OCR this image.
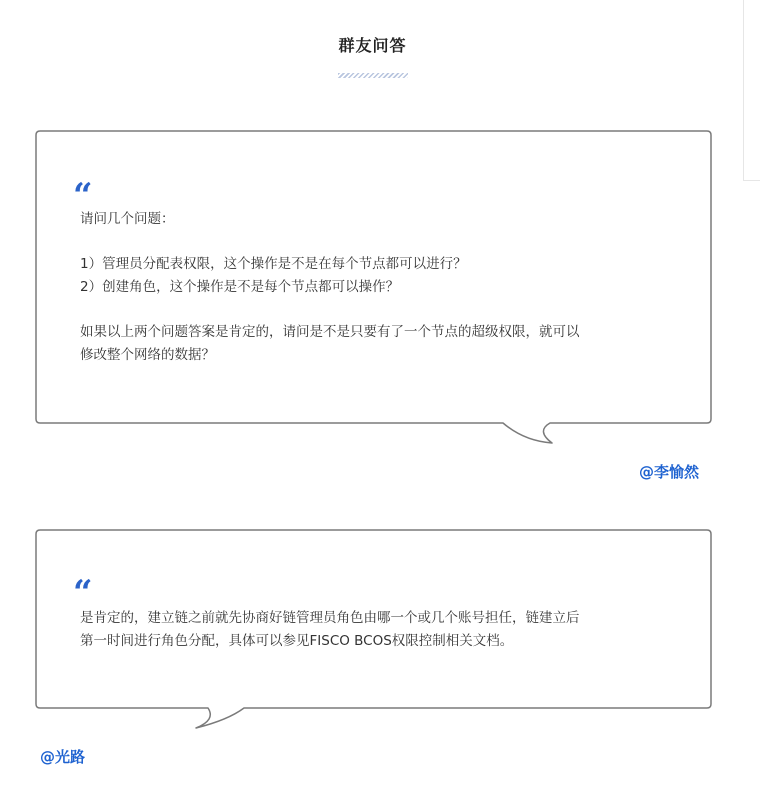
群友问答
“
请问几个问题：
1）管理员分配表权限，这个操作是不是在每个节点都可以进行？
2）创建角色，这个操作是不是每个节点都可以操作？
如果以上两个问题答案是肯定的，请问是不是只要有了一个节点的超级权限，就可以
修改整个网络的数据？
@李愉然
“
是肯定的，建立链之前就先协商好链管理员角色由哪一个或几个账号担任，链建立后
第一时间进行角色分配，具体可以参见FISCO BCOS权限控制相关文档。
@光路
